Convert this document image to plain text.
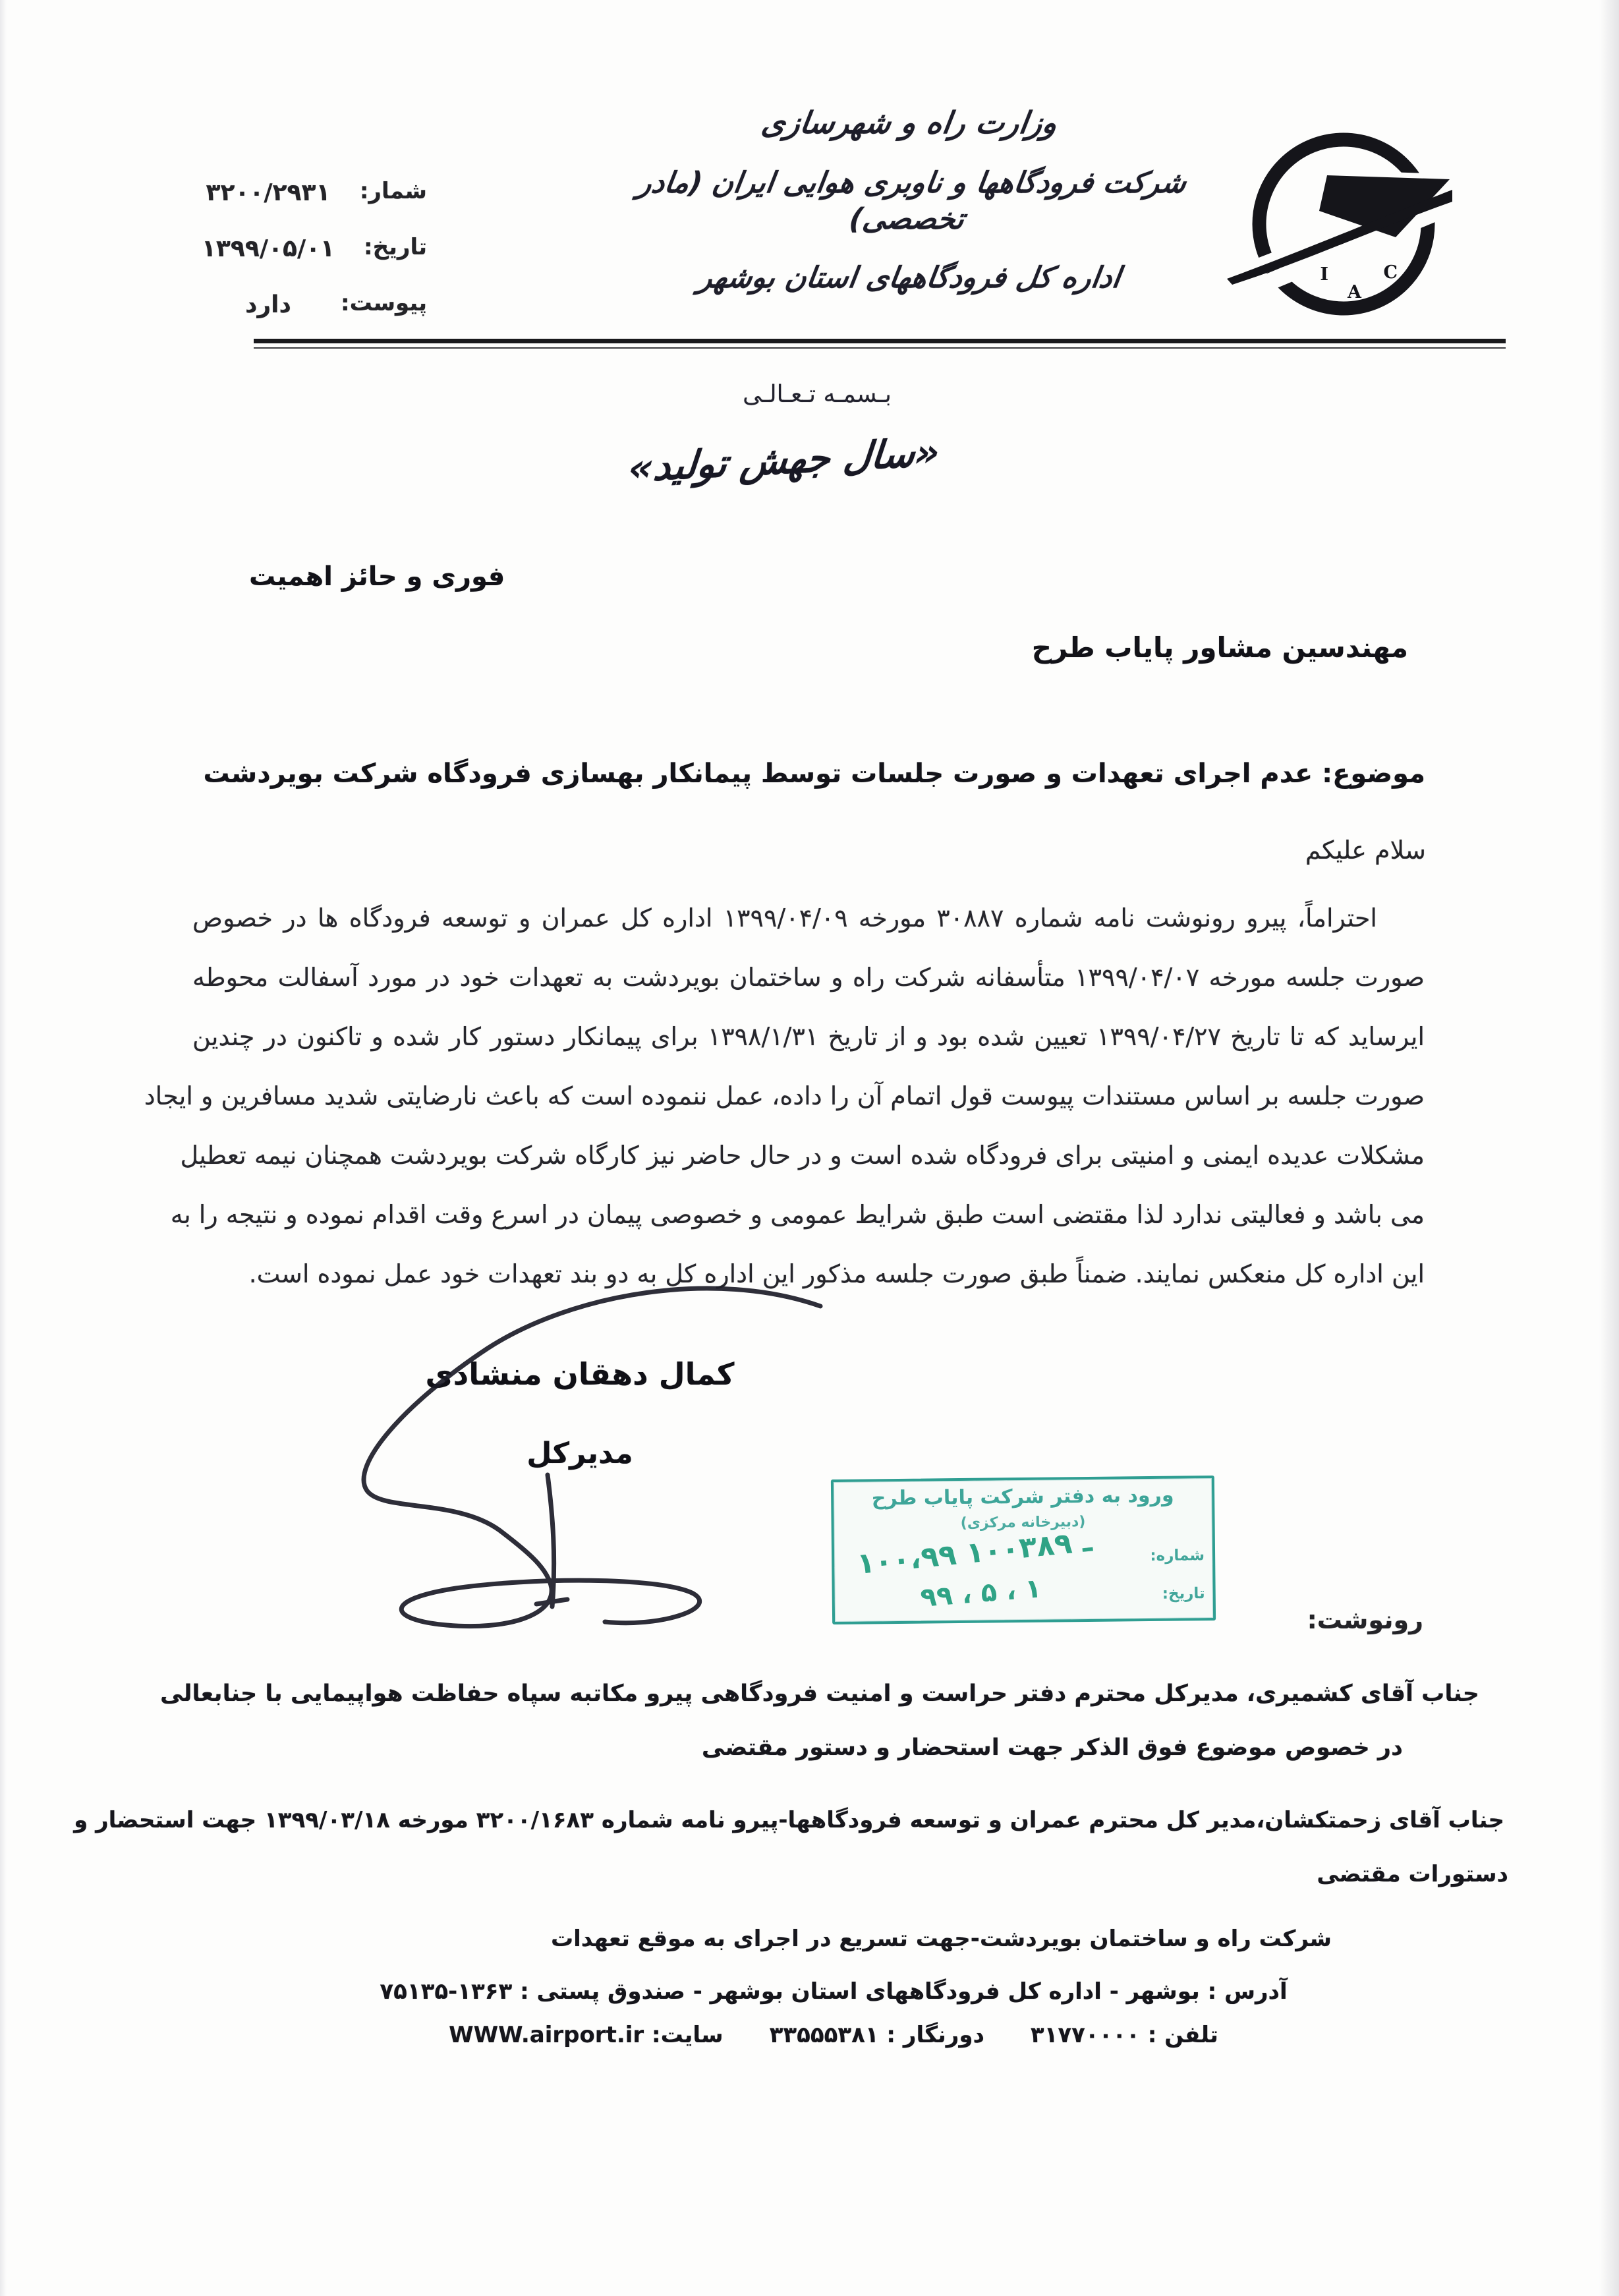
شمار:
۳۲۰۰/۲۹۳۱
تاریخ:
۱۳۹۹/۰۵/۰۱
پیوست:
دارد
وزارت راه و شهرسازی
شرکت فرودگاهها و ناوبری هوایی ایران (مادر تخصصی)
اداره کل فرودگاههای استان بوشهر	I
A
C
بـسمـه تـعـالـی
«سال جهش تولید»
فوری و حائز اهمیت
مهندسین مشاور پایاب طرح
موضوع: عدم اجرای تعهدات و صورت جلسات توسط پیمانکار بهسازی فرودگاه شرکت بویردشت
سلام علیکم
احتراماً، پیرو رونوشت نامه شماره ۳۰۸۸۷ مورخه ۱۳۹۹/۰۴/۰۹ اداره کل عمران و توسعه فرودگاه ها در خصوص
صورت جلسه مورخه ۱۳۹۹/۰۴/۰۷ متأسفانه شرکت راه و ساختمان بویردشت به تعهدات خود در مورد آسفالت محوطه
ایرساید که تا تاریخ ۱۳۹۹/۰۴/۲۷ تعیین شده بود و از تاریخ ۱۳۹۸/۱/۳۱ برای پیمانکار دستور کار شده و تاکنون در چندین
صورت جلسه بر اساس مستندات پیوست قول اتمام آن را داده، عمل ننموده است که باعث نارضایتی شدید مسافرین و ایجاد
مشکلات عدیده ایمنی و امنیتی برای فرودگاه شده است و در حال حاضر نیز کارگاه شرکت بویردشت همچنان نیمه تعطیل
می باشد و فعالیتی ندارد لذا مقتضی است طبق شرایط عمومی و خصوصی پیمان در اسرع وقت اقدام نموده و نتیجه را به
این اداره کل منعکس نمایند. ضمناً طبق صورت جلسه مذکور این اداره کل به دو بند تعهدات خود عمل نموده است.
کمال دهقان منشادی
مدیرکل
ورود به دفتر شرکت پایاب طرح
(دبیرخانه مرکزی)
شماره:
۱۰۰،۹۹ ـ ۱۰۰۳۸۹
تاریخ:
۹۹ ، ۵ ، ۱
رونوشت:
جناب آقای کشمیری، مدیرکل محترم دفتر حراست و امنیت فرودگاهی پیرو مکاتبه سپاه حفاظت هواپیمایی با جنابعالی
در خصوص موضوع فوق الذکر جهت استحضار و دستور مقتضی
جناب آقای زحمتکشان،مدیر کل محترم عمران و توسعه فرودگاهها-پیرو نامه شماره ۳۲۰۰/۱۶۸۳ مورخه ۱۳۹۹/۰۳/۱۸ جهت استحضار و
دستورات مقتضی
شرکت راه و ساختمان بویردشت-جهت تسریع در اجرای به موقع تعهدات
آدرس : بوشهر - اداره کل فرودگاههای استان بوشهر - صندوق پستی : ۱۳۶۳-۷۵۱۳۵
تلفن : ۳۱۷۷۰۰۰۰
دورنگار : ۳۳۵۵۵۳۸۱
سایت: WWW.airport.ir
